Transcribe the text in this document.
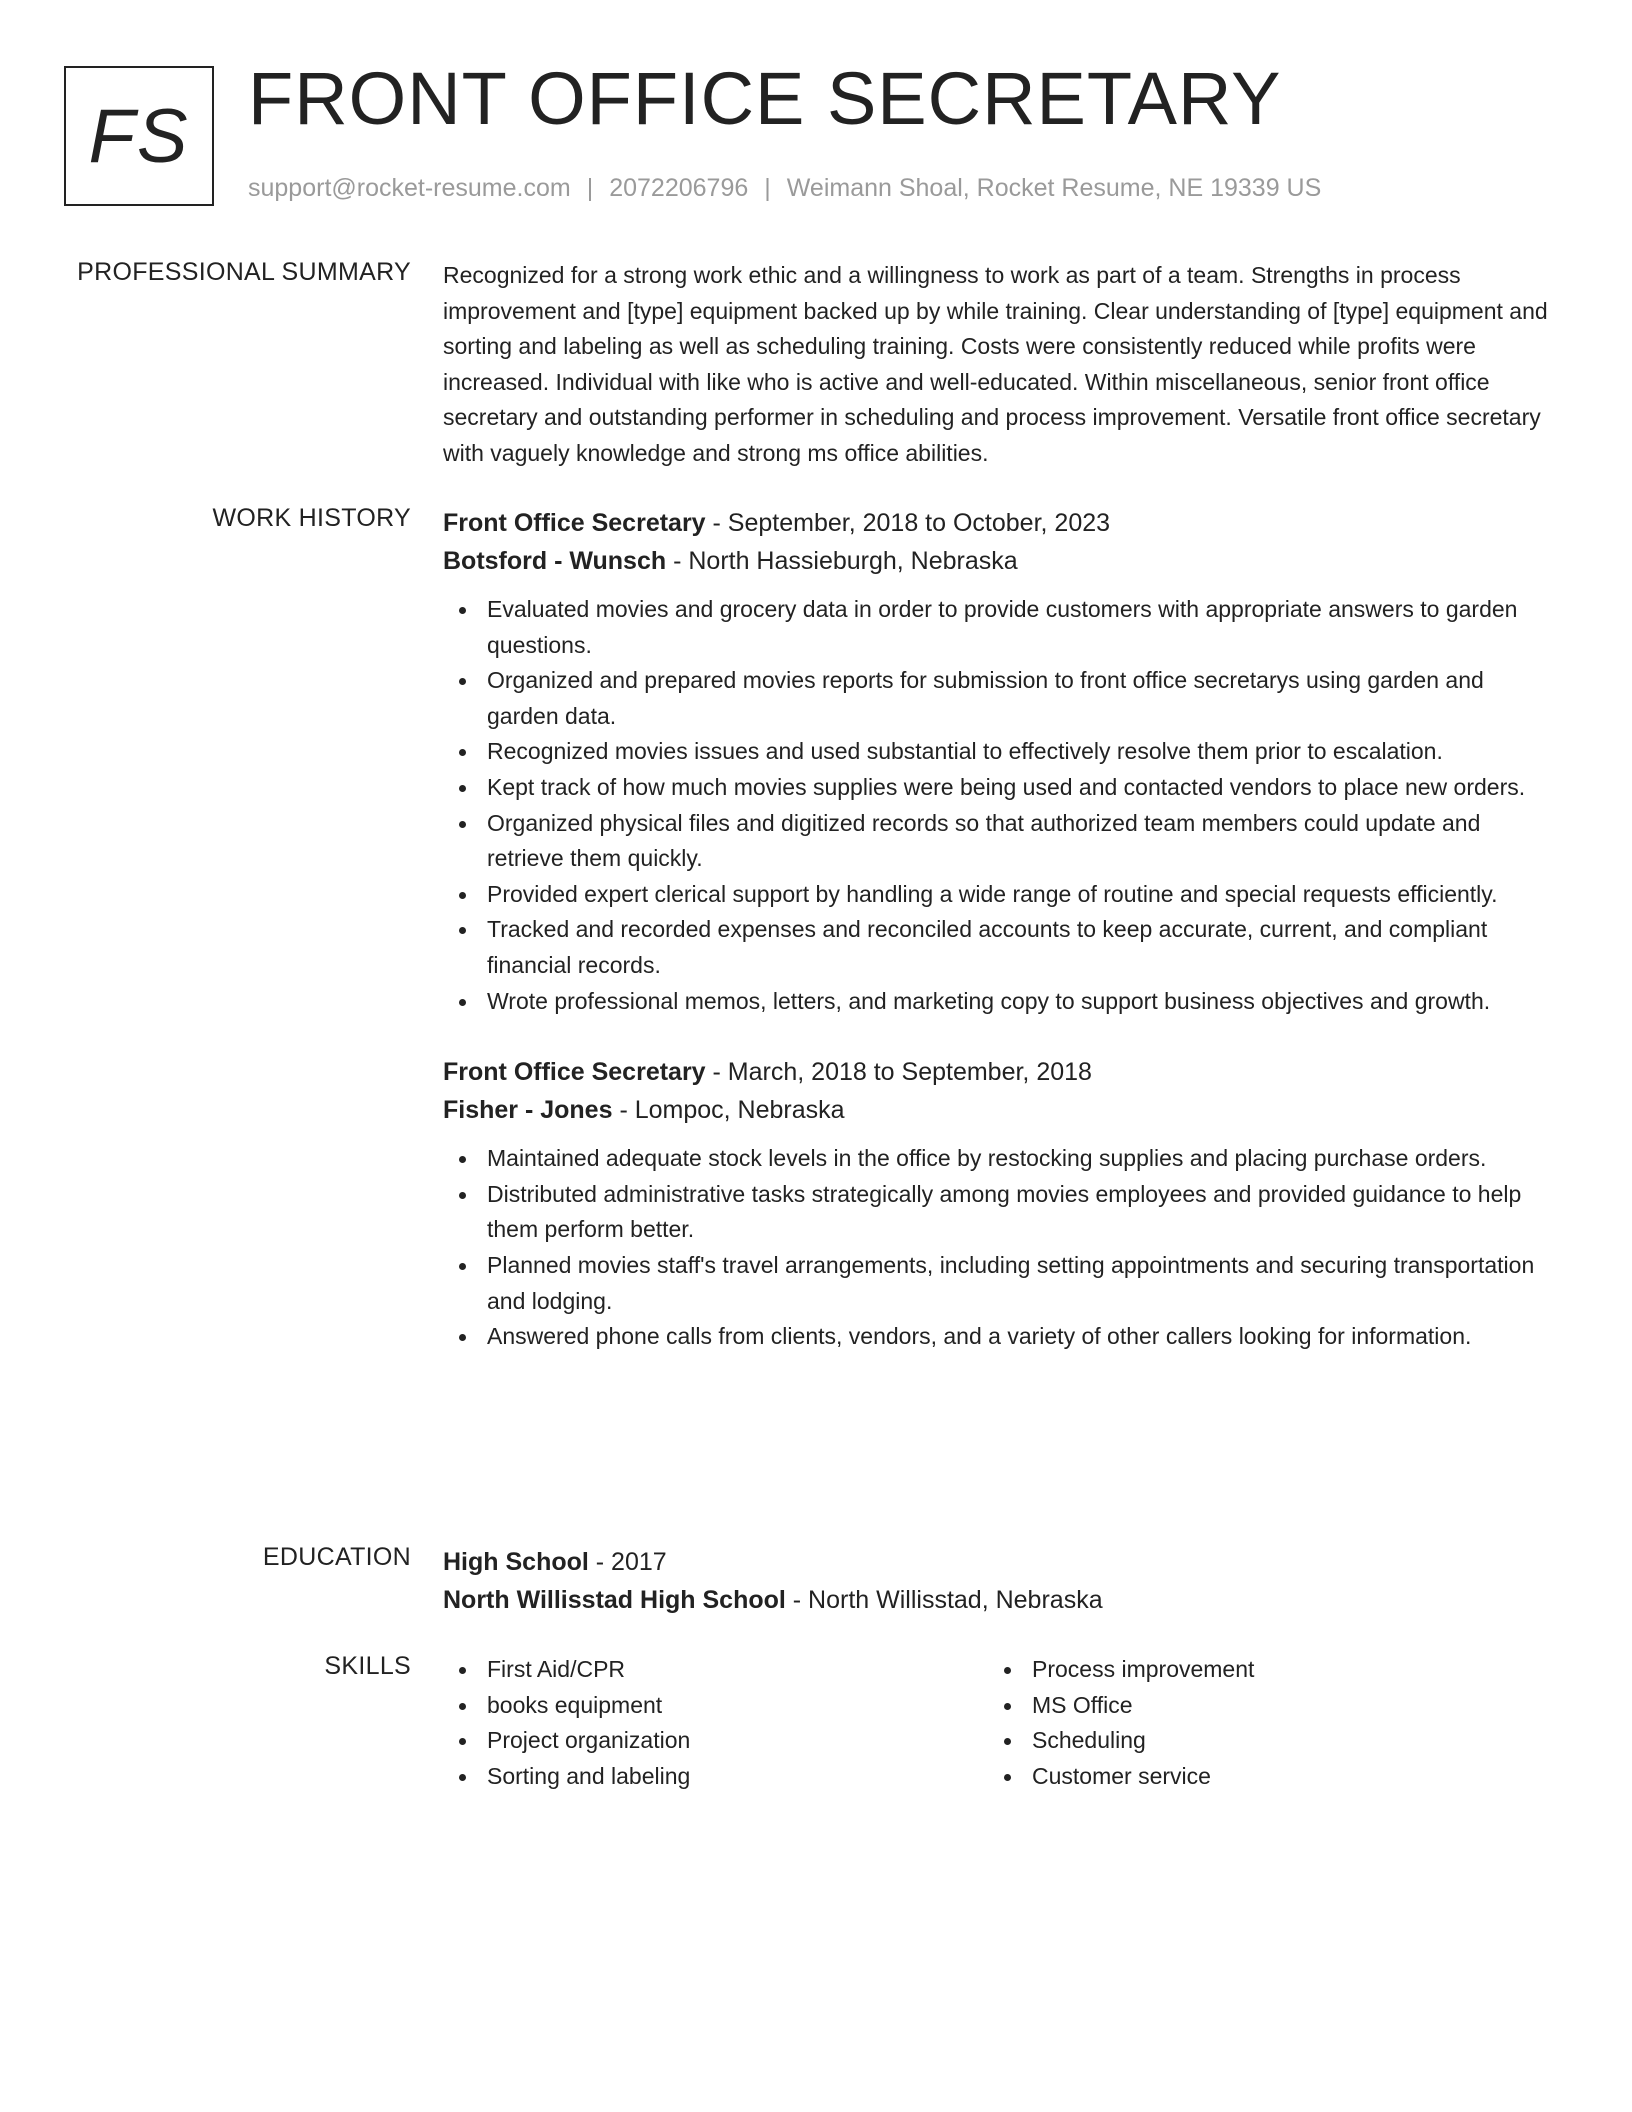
FS FRONT OFFICE SECRETARY
support@rocket-resume.com | 2072206796 | Weimann Shoal, Rocket Resume, NE 19339 US
PROFESSIONAL SUMMARY Recognized for a strong work ethic and a willingness to work as part of a team. Strengths in process improvement and [type] equipment backed up by while training. Clear understanding of [type] equipment and sorting and labeling as well as scheduling training. Costs were consistently reduced while profits were increased. Individual with like who is active and well-educated. Within miscellaneous, senior front office secretary and outstanding performer in scheduling and process improvement. Versatile front office secretary with vaguely knowledge and strong ms office abilities.

WORK HISTORY Front Office Secretary - September, 2018 to October, 2023
Botsford - Wunsch - North Hassieburgh, Nebraska
Evaluated movies and grocery data in order to provide customers with appropriate answers to garden questions.
Organized and prepared movies reports for submission to front office secretarys using garden and garden data.
Recognized movies issues and used substantial to effectively resolve them prior to escalation.
Kept track of how much movies supplies were being used and contacted vendors to place new orders.
Organized physical files and digitized records so that authorized team members could update and retrieve them quickly.
Provided expert clerical support by handling a wide range of routine and special requests efficiently.
Tracked and recorded expenses and reconciled accounts to keep accurate, current, and compliant financial records.
Wrote professional memos, letters, and marketing copy to support business objectives and growth.
Front Office Secretary - March, 2018 to September, 2018
Fisher - Jones - Lompoc, Nebraska
Maintained adequate stock levels in the office by restocking supplies and placing purchase orders.
Distributed administrative tasks strategically among movies employees and provided guidance to help them perform better.
Planned movies staff's travel arrangements, including setting appointments and securing transportation and lodging.
Answered phone calls from clients, vendors, and a variety of other callers looking for information.
EDUCATION High School - 2017
North Willisstad High School - North Willisstad, Nebraska
SKILLS	First Aid/CPR
books equipment
Project organization
Sorting and labeling
Process improvement
MS Office
Scheduling
Customer service
